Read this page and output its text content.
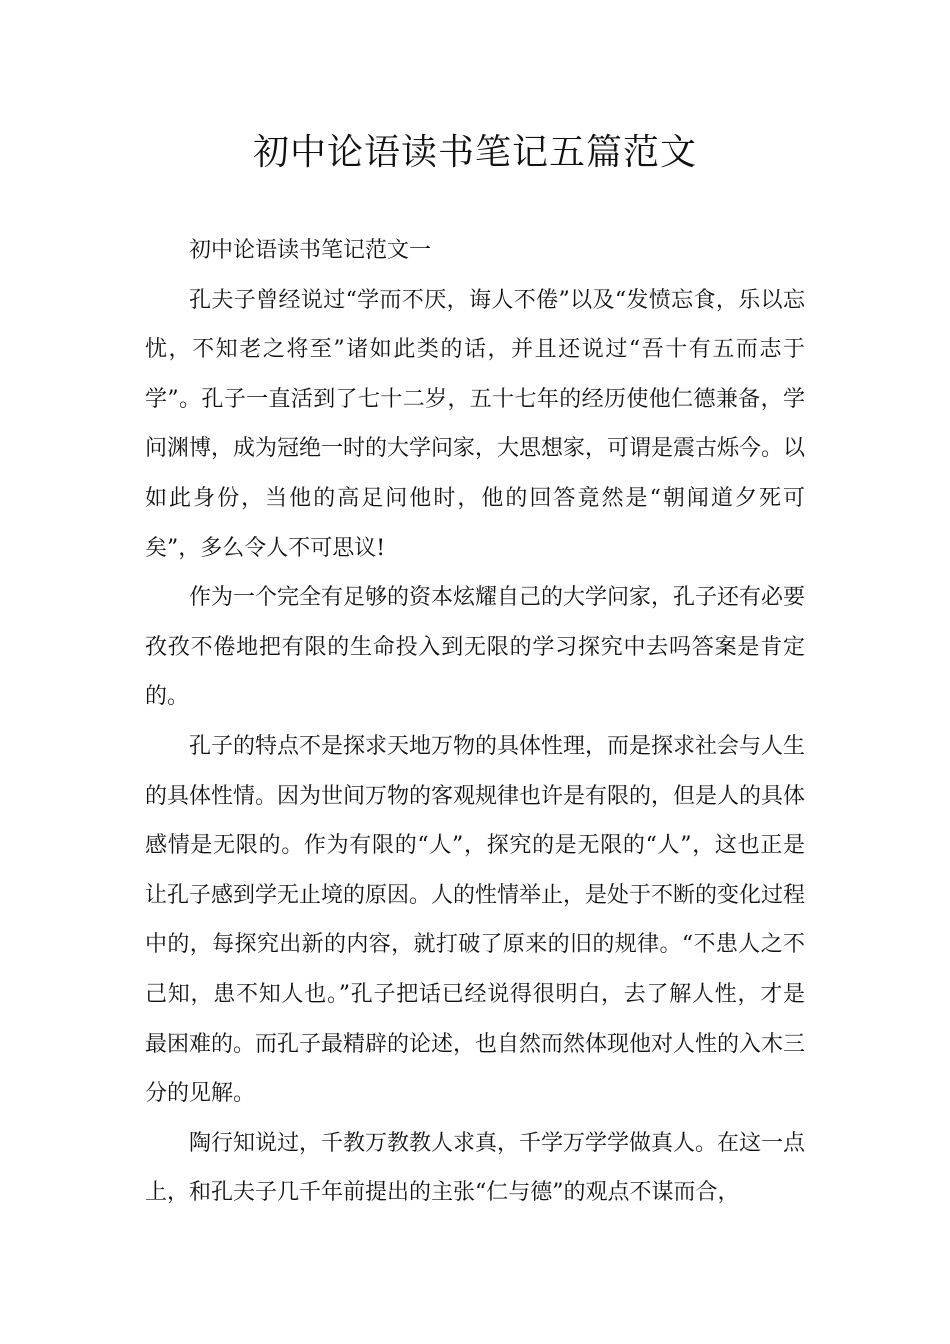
初中论语读书笔记五篇范文

初中论语读书笔记范文一

孔夫子曾经说过“学而不厌，诲人不倦”以及“发愤忘食，乐以忘忧，不知老之将至”诸如此类的话，并且还说过“吾十有五而志于学”。孔子一直活到了七十二岁，五十七年的经历使他仁德兼备，学问渊博，成为冠绝一时的大学问家，大思想家，可谓是震古烁今。以如此身份，当他的高足问他时，他的回答竟然是“朝闻道夕死可矣”，多么令人不可思议!

作为一个完全有足够的资本炫耀自己的大学问家，孔子还有必要孜孜不倦地把有限的生命投入到无限的学习探究中去吗答案是肯定的。

孔子的特点不是探求天地万物的具体性理，而是探求社会与人生的具体性情。因为世间万物的客观规律也许是有限的，但是人的具体感情是无限的。作为有限的“人”，探究的是无限的“人”，这也正是让孔子感到学无止境的原因。人的性情举止，是处于不断的变化过程中的，每探究出新的内容，就打破了原来的旧的规律。“不患人之不己知，患不知人也。”孔子把话已经说得很明白，去了解人性，才是最困难的。而孔子最精辟的论述，也自然而然体现他对人性的入木三分的见解。

陶行知说过，千教万教教人求真，千学万学学做真人。在这一点上，和孔夫子几千年前提出的主张“仁与德”的观点不谋而合，
